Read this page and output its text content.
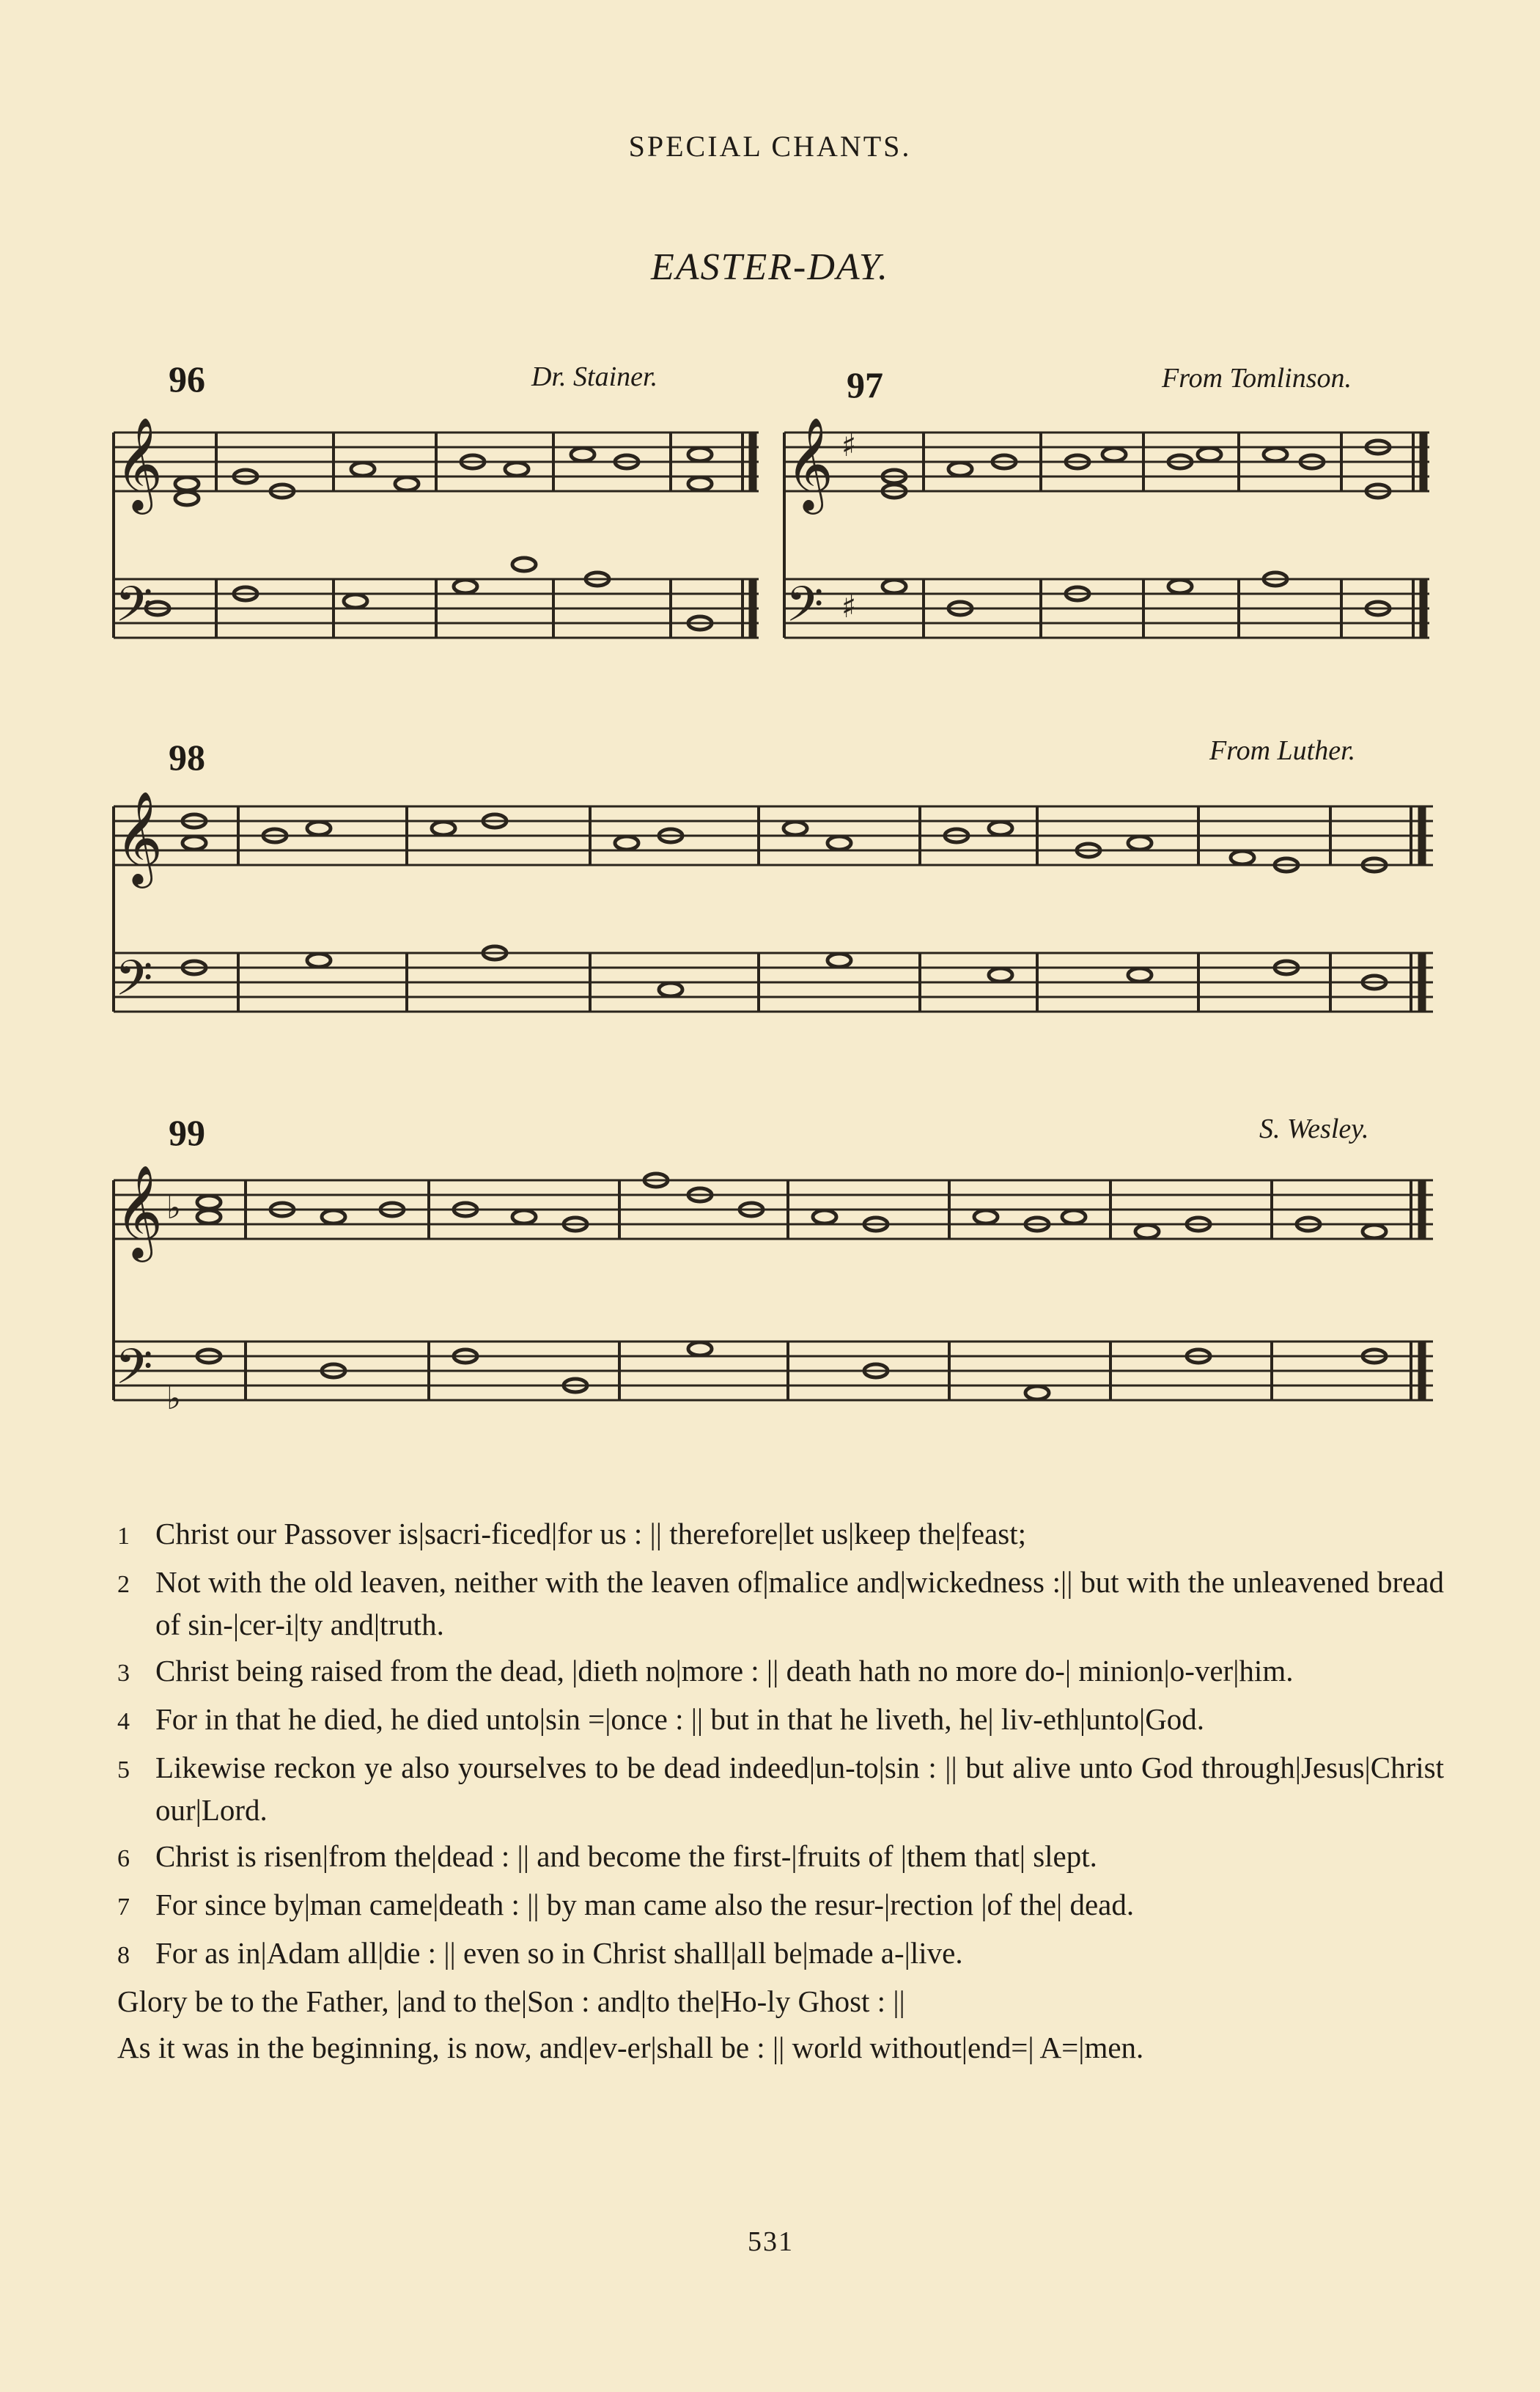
SPECIAL CHANTS.
EASTER-DAY.
96	Dr. Stainer.
𝄞
𝄢
97	From Tomlinson.
𝄞 ♯
𝄢 ♯
98	From Luther.
𝄞
𝄢
99	S. Wesley.
𝄞 ♭
𝄢 ♭

1 Christ our Passover is|sacri-ficed|for us : || therefore|let us|keep the|feast;

2 Not with the old leaven, neither with the leaven of|malice and|wickedness :|| but with the unleavened bread of sin-|cer-i|ty and|truth.

3 Christ being raised from the dead, |dieth no|more : || death hath no more do-| minion|o-ver|him.

4 For in that he died, he died unto|sin =|once : || but in that he liveth, he| liv-eth|unto|God.

5 Likewise reckon ye also yourselves to be dead indeed|un-to|sin : || but alive unto God through|Jesus|Christ our|Lord.

6 Christ is risen|from the|dead : || and become the first-|fruits of |them that| slept.

7 For since by|man came|death : || by man came also the resur-|rection |of the| dead.

8 For as in|Adam all|die : || even so in Christ shall|all be|made a-|live.

Glory be to the Father, |and to the|Son : and|to the|Ho-ly Ghost : ||

As it was in the beginning, is now, and|ev-er|shall be : || world without|end=| A=|men.

531
